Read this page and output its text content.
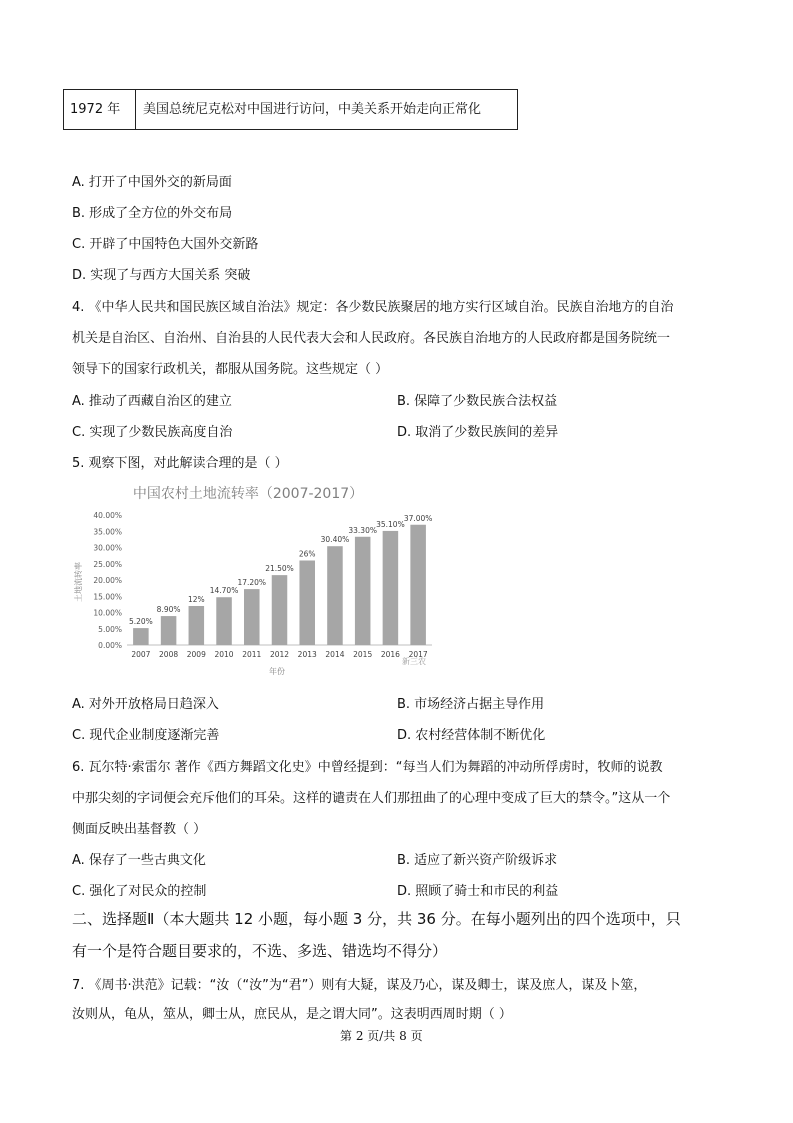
1972 年	美国总统尼克松对中国进行访问，中美关系开始走向正常化
A. 打开了中国外交的新局面
B. 形成了全方位的外交布局
C. 开辟了中国特色大国外交新路
D. 实现了与西方大国关系 突破
4. 《中华人民共和国民族区域自治法》规定：各少数民族聚居的地方实行区域自治。民族自治地方的自治
机关是自治区、自治州、自治县的人民代表大会和人民政府。各民族自治地方的人民政府都是国务院统一
领导下的国家行政机关，都服从国务院。这些规定（ ）
A. 推动了西藏自治区的建立	B. 保障了少数民族合法权益
C. 实现了少数民族高度自治	D. 取消了少数民族间的差异
5. 观察下图，对此解读合理的是（ ）
中国农村土地流转率（2007-2017）
土地流转率
年份
0.00%
5.00%
10.00%
15.00%
20.00%
25.00%
30.00%
35.00%
40.00%
5.20%
8.90%
12%
14.70%
17.20%
21.50%
26%
30.40%
33.30%
35.10%
37.00%
2007 2008 2009 2010 2011 2012 2013 2014 2015 2016 2017
新三农
A. 对外开放格局日趋深入	B. 市场经济占据主导作用
C. 现代企业制度逐渐完善	D. 农村经营体制不断优化
6. 瓦尔特·索雷尔 著作《西方舞蹈文化史》中曾经提到：“每当人们为舞蹈的冲动所俘虏时，牧师的说教
中那尖刻的字词便会充斥他们的耳朵。这样的谴责在人们那扭曲了的心理中变成了巨大的禁令。”这从一个
侧面反映出基督教（ ）
A. 保存了一些古典文化	B. 适应了新兴资产阶级诉求
C. 强化了对民众的控制	D. 照顾了骑士和市民的利益
二、选择题Ⅱ（本大题共 12 小题，每小题 3 分，共 36 分。在每小题列出的四个选项中，只
有一个是符合题目要求的，不选、多选、错选均不得分）
7. 《周书·洪范》记载：“汝（“汝”为“君”）则有大疑，谋及乃心，谋及卿士，谋及庶人，谋及卜筮，
汝则从，龟从，筮从，卿士从，庶民从，是之谓大同”。这表明西周时期（ ）
第 2 页/共 8 页
